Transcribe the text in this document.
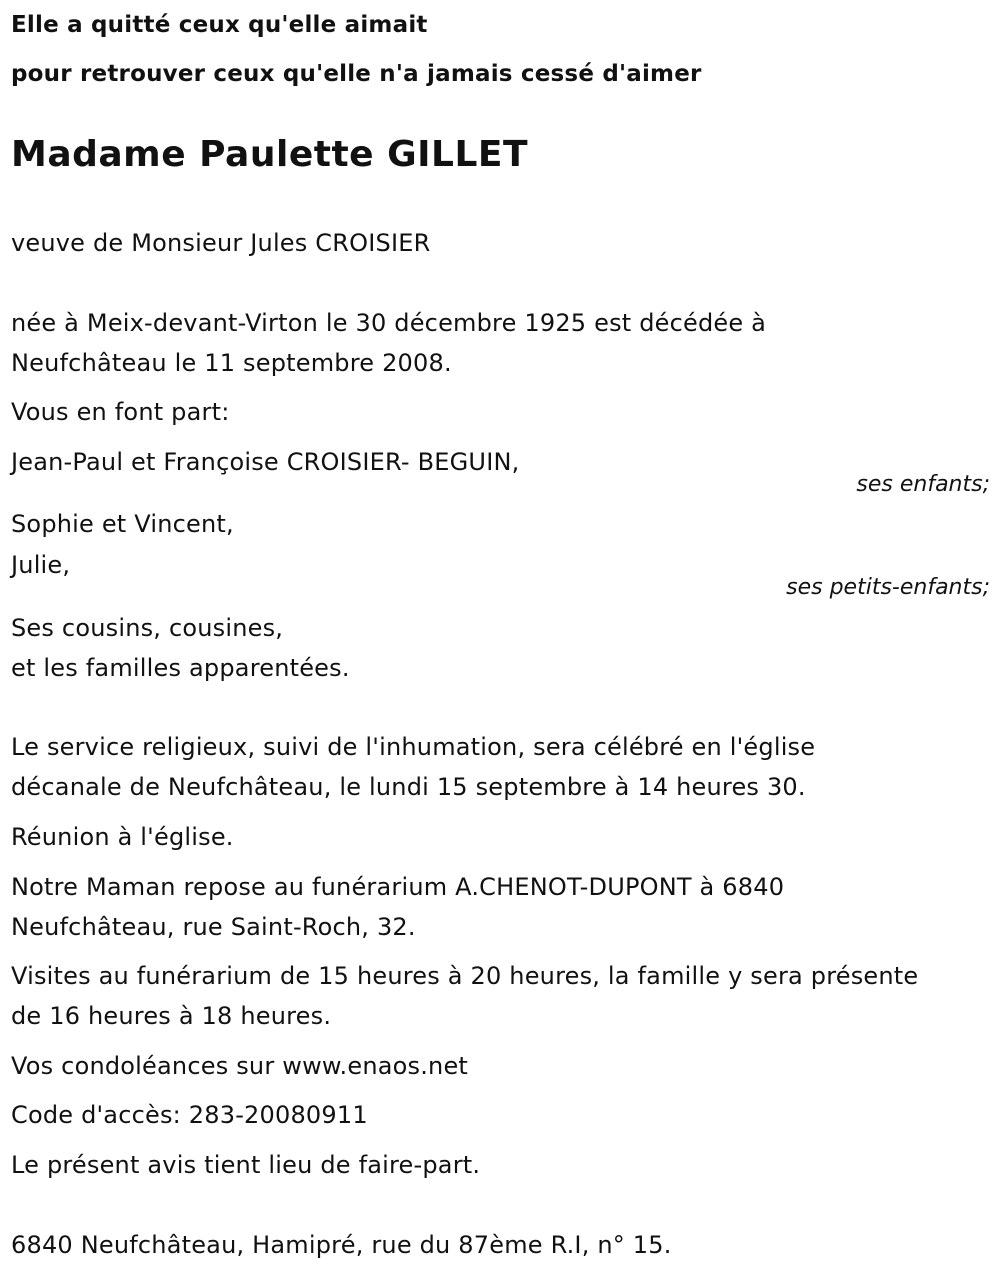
Elle a quitté ceux qu'elle aimait
pour retrouver ceux qu'elle n'a jamais cessé d'aimer
Madame Paulette GILLET
veuve de Monsieur Jules CROISIER
née à Meix-devant-Virton le 30 décembre 1925 est décédée à
Neufchâteau le 11 septembre 2008.
Vous en font part:
Jean-Paul et Françoise CROISIER- BEGUIN,
ses enfants;
Sophie et Vincent,
Julie,
ses petits-enfants;
Ses cousins, cousines,
et les familles apparentées.
Le service religieux, suivi de l'inhumation, sera célébré en l'église
décanale de Neufchâteau, le lundi 15 septembre à 14 heures 30.
Réunion à l'église.
Notre Maman repose au funérarium A.CHENOT-DUPONT à 6840
Neufchâteau, rue Saint-Roch, 32.
Visites au funérarium de 15 heures à 20 heures, la famille y sera présente
de 16 heures à 18 heures.
Vos condoléances sur www.enaos.net
Code d'accès: 283-20080911
Le présent avis tient lieu de faire-part.
6840 Neufchâteau, Hamipré, rue du 87ème R.I, n° 15.
